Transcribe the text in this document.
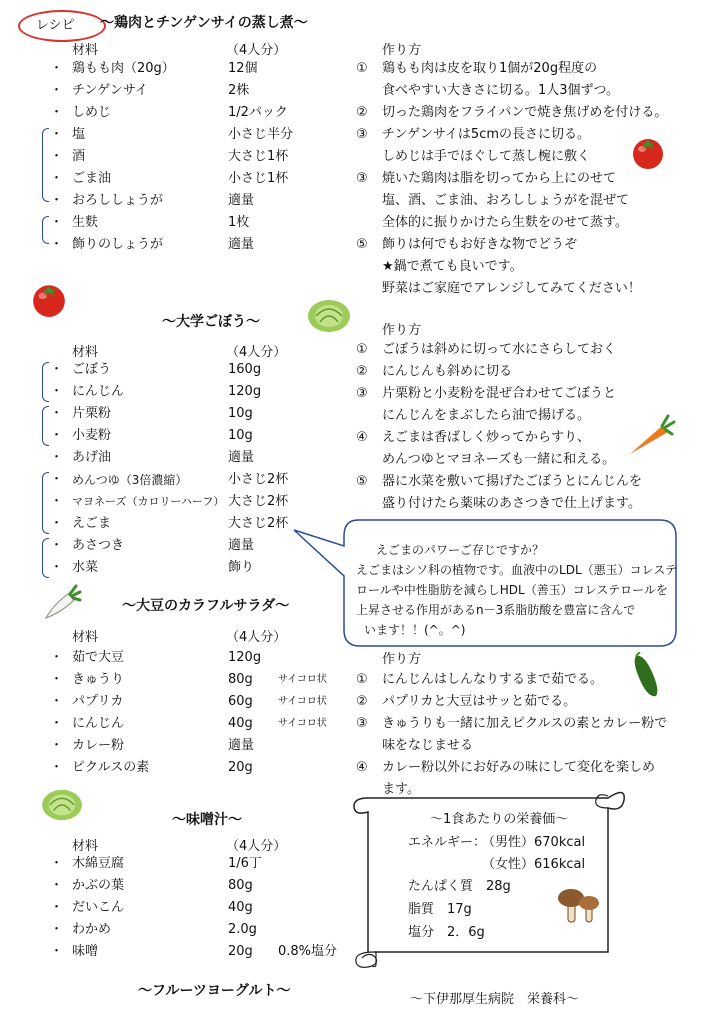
レシピ ～鶏肉とチンゲンサイの蒸し煮～
材料	（4人分）	作り方
・ 鶏もも肉（20g）	12個
・ チンゲンサイ	2株
・ しめじ	1/2パック
・ 塩	小さじ半分
・ 酒	大さじ1杯
・ ごま油	小さじ1杯
・ おろししょうが	適量
・ 生麩	1枚
・ 飾りのしょうが	適量
① 鶏もも肉は皮を取り1個が20g程度の
食べやすい大きさに切る。1人3個ずつ。
② 切った鶏肉をフライパンで焼き焦げめを付ける。
③ チンゲンサイは5cmの長さに切る。
しめじは手でほぐして蒸し椀に敷く
③ 焼いた鶏肉は脂を切ってから上にのせて
塩、酒、ごま油、おろししょうがを混ぜて
全体的に振りかけたら生麩をのせて蒸す。
⑤ 飾りは何でもお好きな物でどうぞ
★鍋で煮ても良いです。
野菜はご家庭でアレンジしてみてください！
～大学ごぼう～
作り方
材料	（4人分）
・ ごぼう	160g
・ にんじん	120g
・ 片栗粉	10g
・ 小麦粉	10g
・ あげ油	適量
・ めんつゆ（3倍濃縮）	小さじ2杯
・ マヨネーズ（カロリーハーフ） 大さじ2杯
・ えごま	大さじ2杯
・ あさつき	適量
・ 水菜	飾り
① ごぼうは斜めに切って水にさらしておく
② にんじんも斜めに切る
③ 片栗粉と小麦粉を混ぜ合わせてごぼうと
にんじんをまぶしたら油で揚げる。
④ えごまは香ばしく炒ってからすり、
めんつゆとマヨネーズも一緒に和える。
⑤ 器に水菜を敷いて揚げたごぼうとにんじんを
盛り付けたら薬味のあさつきで仕上げます。
えごまのパワーご存じですか？
えごまはシソ科の植物です。血液中のLDL（悪玉）コレステ
ロールや中性脂肪を減らしHDL（善玉）コレステロールを
上昇させる作用があるn－3系脂肪酸を豊富に含んで
います！！(^。^)
～大豆のカラフルサラダ～
材料	（4人分）
作り方
・ 茹で大豆	120g
・ きゅうり	80g	サイコロ状
・ パプリカ	60g	サイコロ状
・ にんじん	40g	サイコロ状
・ カレー粉	適量
・ ピクルスの素	20g
① にんじんはしんなりするまで茹でる。
② パプリカと大豆はサッと茹でる。
③ きゅうりも一緒に加えピクルスの素とカレー粉で
味をなじませる
④ カレー粉以外にお好みの味にして変化を楽しめ
ます。
～味噌汁～
材料	（4人分）
・ 木綿豆腐	1/6丁
・ かぶの葉	80g
・ だいこん	40g
・ わかめ	2.0g
・ 味噌	20g 0.8%塩分
～フルーツヨーグルト～
～1食あたりの栄養価～
エネルギー：
（男性）670kcal
（女性）616kcal
たんぱく質　28g
脂質　17g
塩分　2．6g
～下伊那厚生病院　栄養科～
